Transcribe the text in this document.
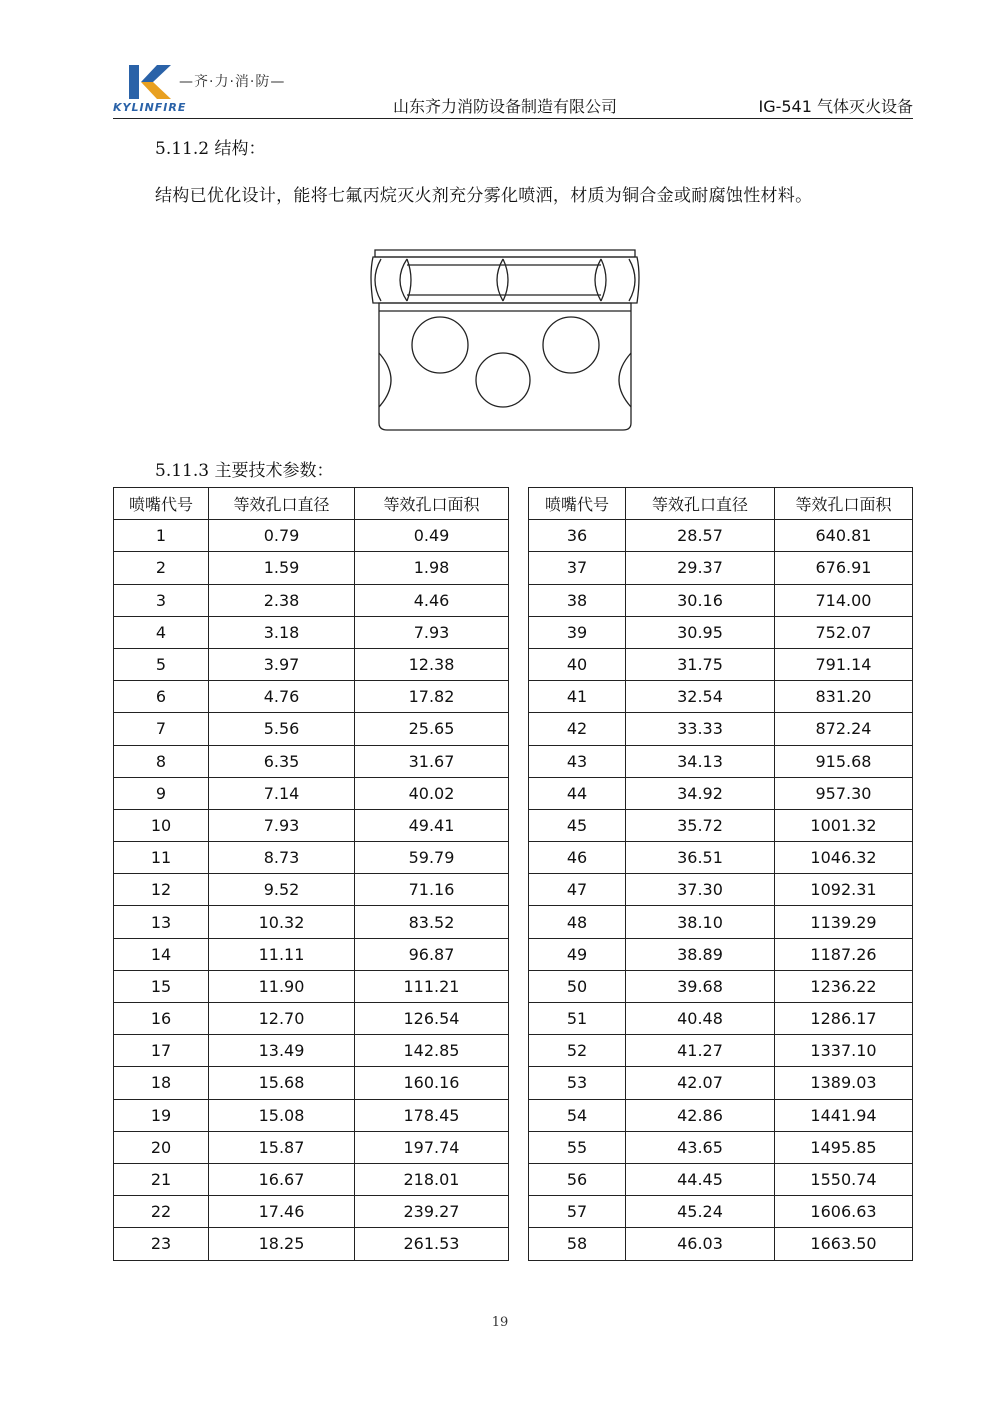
—齐·力·消·防—
KYLINFIRE	山东齐力消防设备制造有限公司	IG-541 气体灭火设备
5.11.2 结构：
结构已优化设计，能将七氟丙烷灭火剂充分雾化喷洒，材质为铜合金或耐腐蚀性材料。
5.11.3 主要技术参数：
喷嘴代号	等效孔口直径	等效孔口面积		喷嘴代号	等效孔口直径	等效孔口面积
1	0.79	0.49		36	28.57	640.81
2	1.59	1.98		37	29.37	676.91
3	2.38	4.46		38	30.16	714.00
4	3.18	7.93		39	30.95	752.07
5	3.97	12.38		40	31.75	791.14
6	4.76	17.82		41	32.54	831.20
7	5.56	25.65		42	33.33	872.24
8	6.35	31.67		43	34.13	915.68
9	7.14	40.02		44	34.92	957.30
10	7.93	49.41		45	35.72	1001.32
11	8.73	59.79		46	36.51	1046.32
12	9.52	71.16		47	37.30	1092.31
13	10.32	83.52		48	38.10	1139.29
14	11.11	96.87		49	38.89	1187.26
15	11.90	111.21		50	39.68	1236.22
16	12.70	126.54		51	40.48	1286.17
17	13.49	142.85		52	41.27	1337.10
18	15.68	160.16		53	42.07	1389.03
19	15.08	178.45		54	42.86	1441.94
20	15.87	197.74		55	43.65	1495.85
21	16.67	218.01		56	44.45	1550.74
22	17.46	239.27		57	45.24	1606.63
23	18.25	261.53		58	46.03	1663.50
19
